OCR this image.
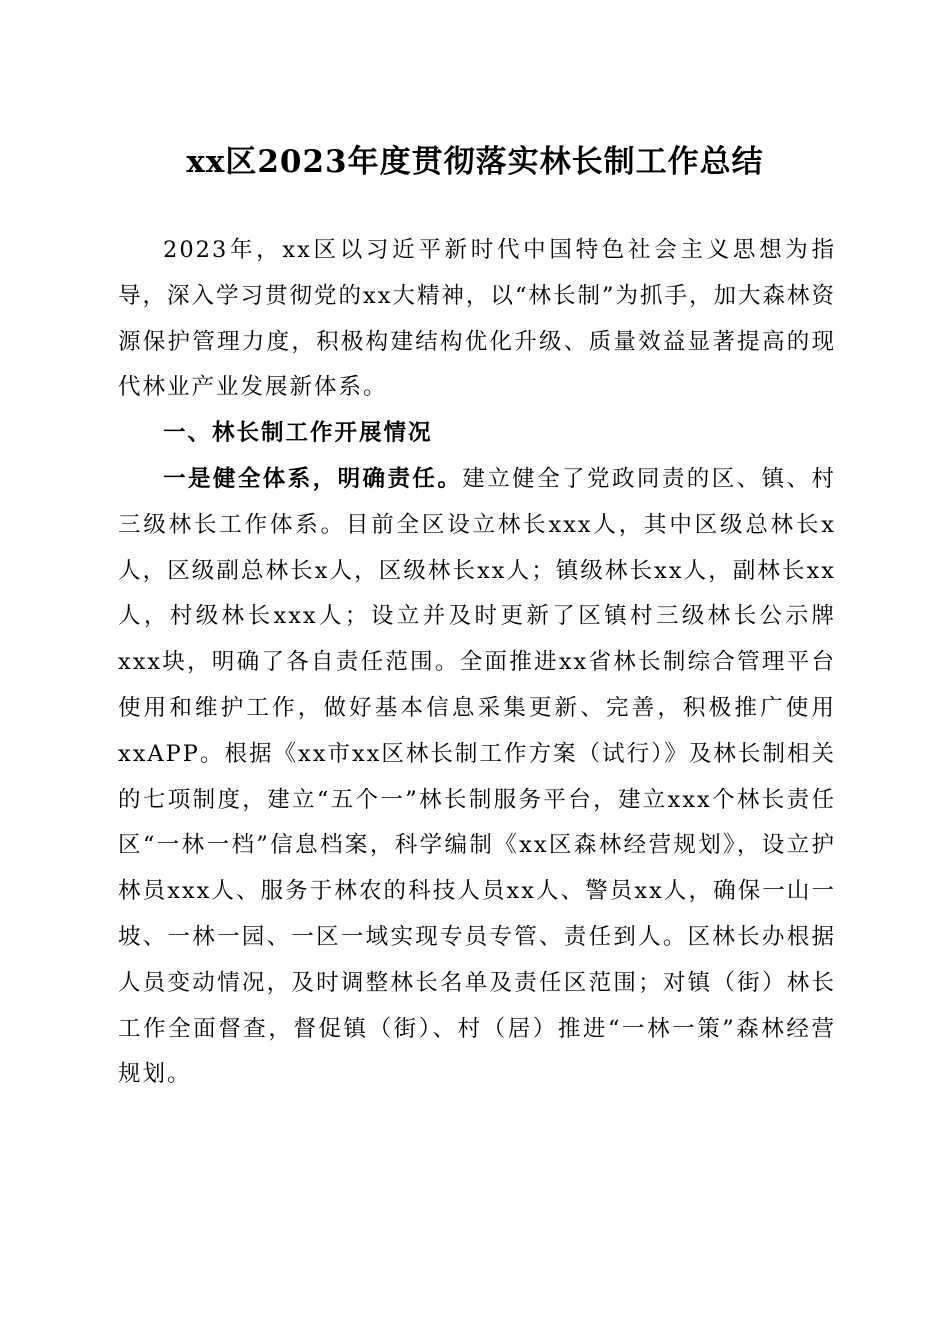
xx区2023年度贯彻落实林长制工作总结

2023年，xx区以习近平新时代中国特色社会主义思想为指导，深入学习贯彻党的xx大精神，以“林长制”为抓手，加大森林资源保护管理力度，积极构建结构优化升级、质量效益显著提高的现代林业产业发展新体系。

一、林长制工作开展情况

一是健全体系，明确责任。建立健全了党政同责的区、镇、村三级林长工作体系。目前全区设立林长xxx人，其中区级总林长x人，区级副总林长x人，区级林长xx人；镇级林长xx人，副林长xx人，村级林长xxx人；设立并及时更新了区镇村三级林长公示牌xxx块，明确了各自责任范围。全面推进xx省林长制综合管理平台使用和维护工作，做好基本信息采集更新、完善，积极推广使用xxAPP。根据《xx市xx区林长制工作方案（试行）》及林长制相关的七项制度，建立“五个一”林长制服务平台，建立xxx个林长责任区“一林一档”信息档案，科学编制《xx区森林经营规划》，设立护林员xxx人、服务于林农的科技人员xx人、警员xx人，确保一山一坡、一林一园、一区一域实现专员专管、责任到人。区林长办根据人员变动情况，及时调整林长名单及责任区范围；对镇（街）林长工作全面督查，督促镇（街）、村（居）推进“一林一策”森林经营规划。
